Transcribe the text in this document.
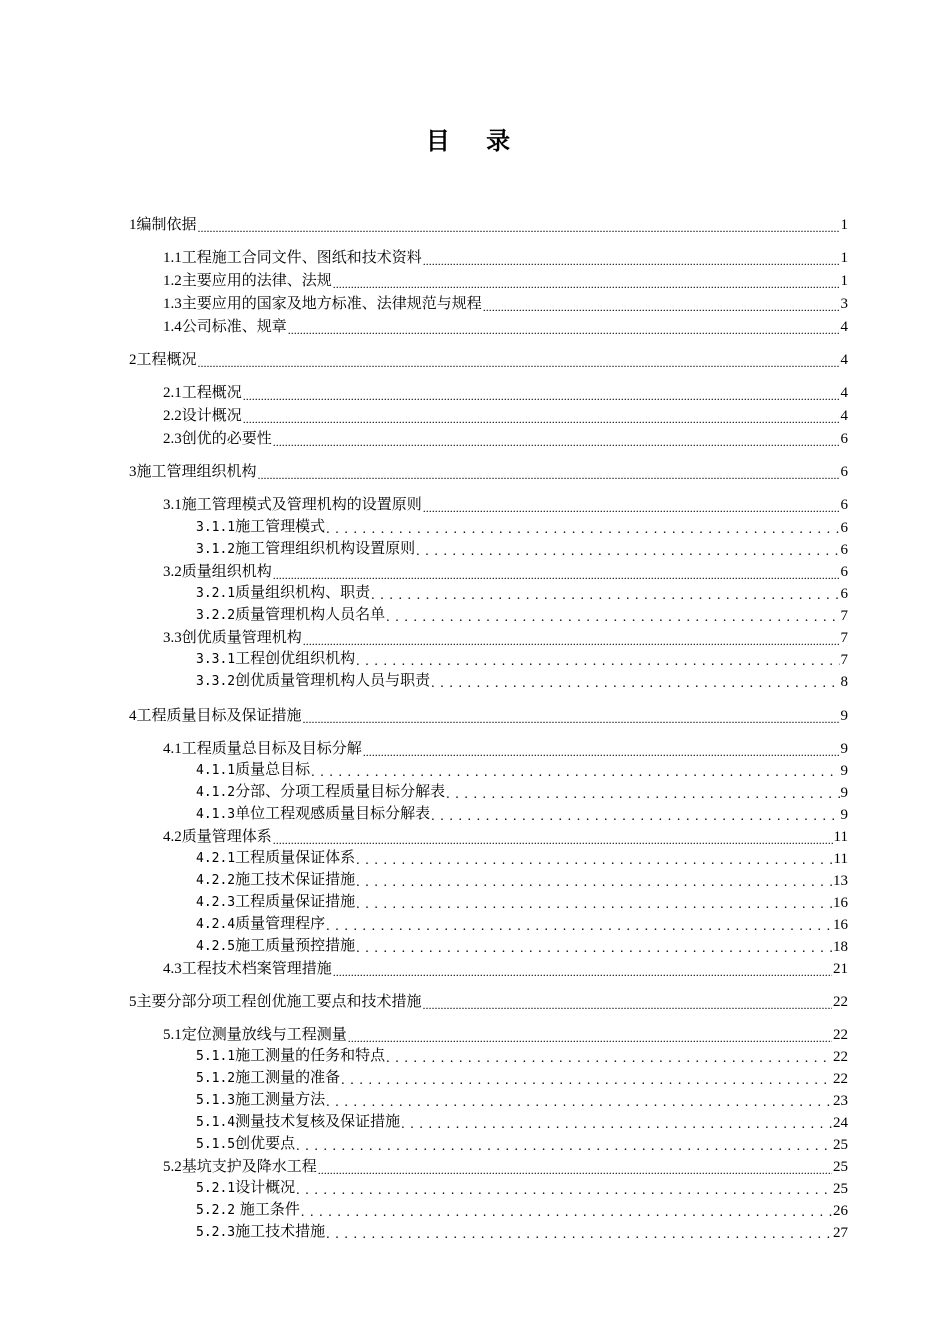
目 录
1编制依据 .....	1
1.1工程施工合同文件、图纸和技术资料 .....	1
1.2主要应用的法律、法规 .....	1
1.3主要应用的国家及地方标准、法律规范与规程 .....	3
1.4公司标准、规章 .....	4
2工程概况 .....	4
2.1工程概况 .....	4
2.2设计概况 .....	4
2.3创优的必要性 .....	6
3施工管理组织机构 .....	6
3.1施工管理模式及管理机构的设置原则 .....	6
3.1.1施工管理模式 .....	6
3.1.2施工管理组织机构设置原则 .....	6
3.2质量组织机构 .....	6
3.2.1质量组织机构、职责 .....	6
3.2.2质量管理机构人员名单 .....	7
3.3创优质量管理机构 .....	7
3.3.1工程创优组织机构 .....	7
3.3.2创优质量管理机构人员与职责 .....	8
4工程质量目标及保证措施 .....	9
4.1工程质量总目标及目标分解 .....	9
4.1.1质量总目标 .....	9
4.1.2分部、分项工程质量目标分解表 .....	9
4.1.3单位工程观感质量目标分解表 .....	9
4.2质量管理体系 .....	11
4.2.1工程质量保证体系 .....	11
4.2.2施工技术保证措施 .....	13
4.2.3工程质量保证措施 .....	16
4.2.4质量管理程序 .....	16
4.2.5施工质量预控措施 .....	18
4.3工程技术档案管理措施 .....	21
5主要分部分项工程创优施工要点和技术措施 .....	22
5.1定位测量放线与工程测量 .....	22
5.1.1施工测量的任务和特点 .....	22
5.1.2施工测量的准备 .....	22
5.1.3施工测量方法 .....	23
5.1.4测量技术复核及保证措施 .....	24
5.1.5创优要点 .....	25
5.2基坑支护及降水工程 .....	25
5.2.1设计概况 .....	25
5.2.2 施工条件 .....	26
5.2.3施工技术措施 .....	27
